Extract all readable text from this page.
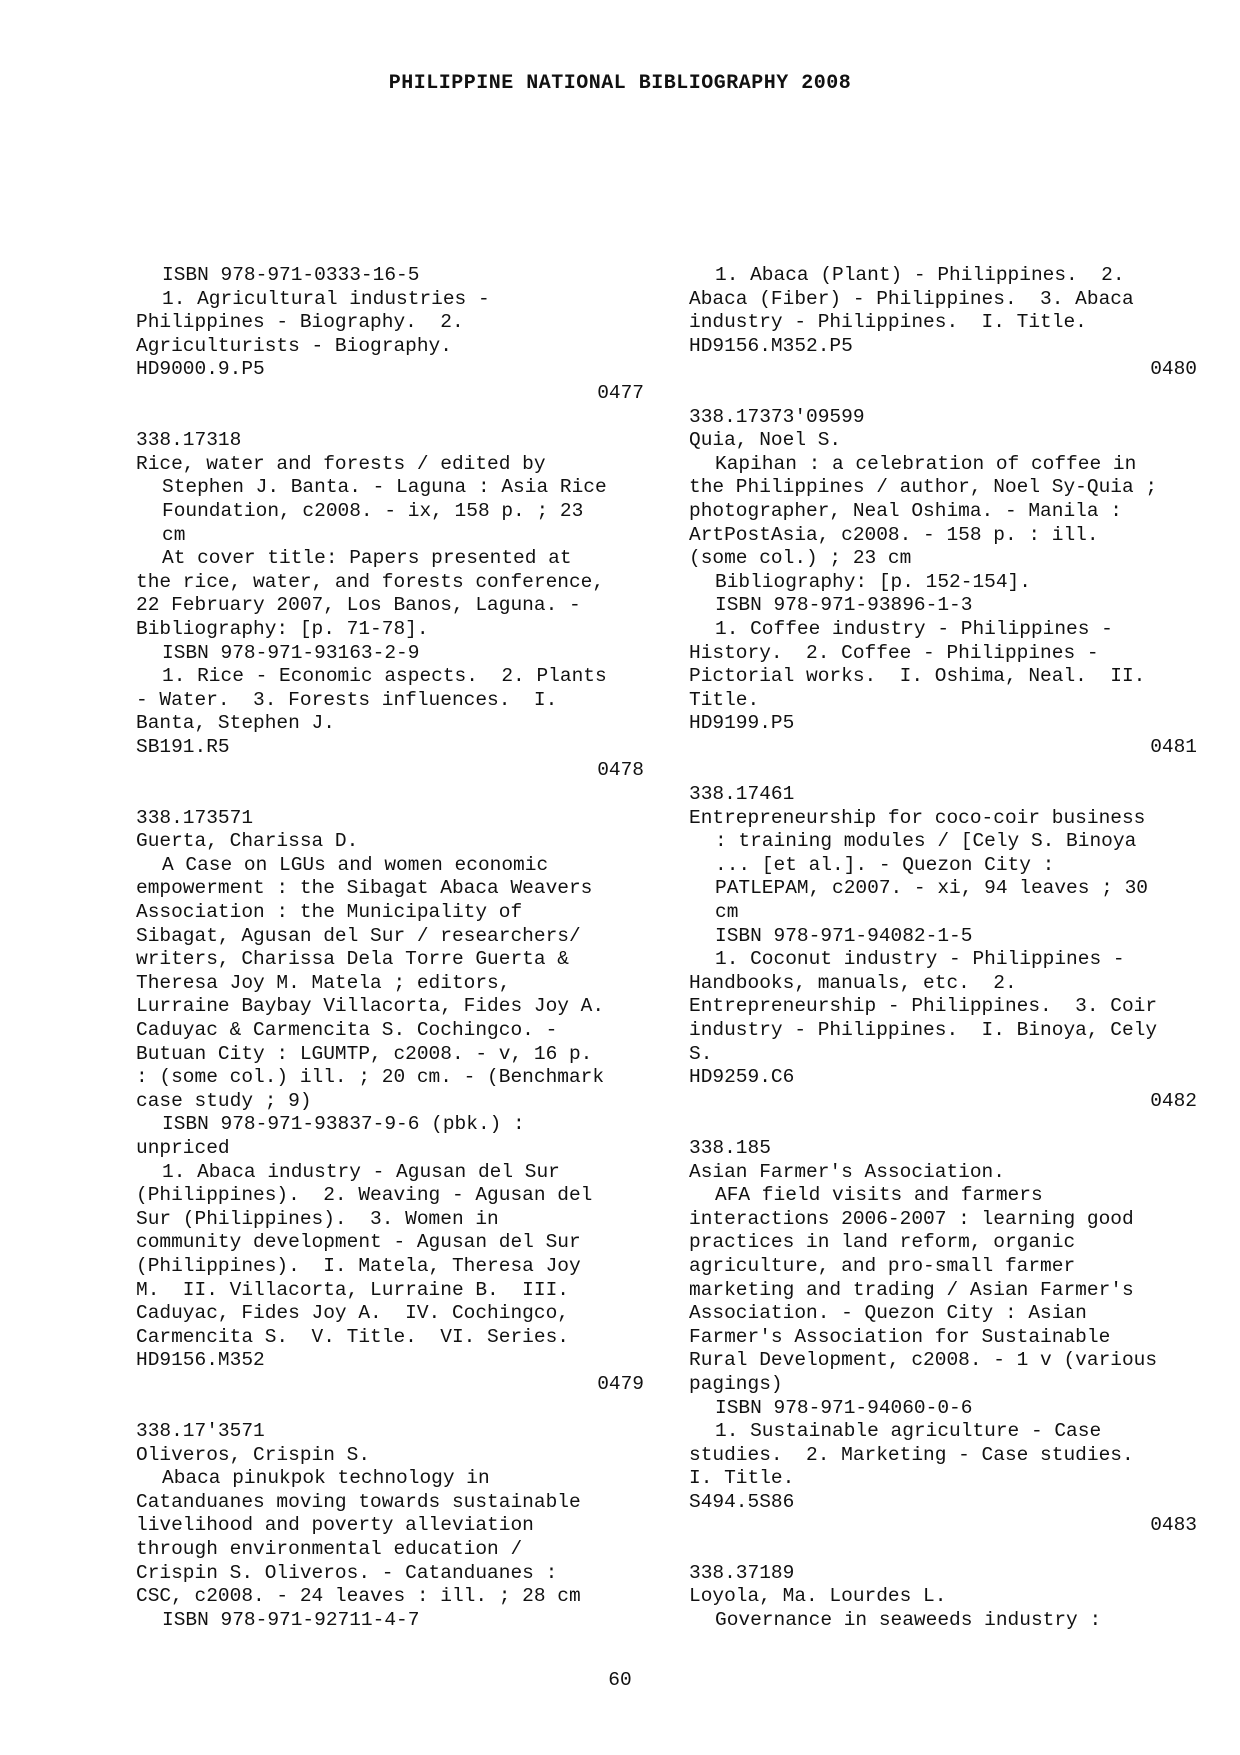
PHILIPPINE NATIONAL BIBLIOGRAPHY 2008
ISBN 978-971-0333-16-5
1. Agricultural industries -
Philippines - Biography.  2.
Agriculturists - Biography.
HD9000.9.P5
0477
338.17318
Rice, water and forests / edited by
Stephen J. Banta. - Laguna : Asia Rice
Foundation, c2008. - ix, 158 p. ; 23
cm
At cover title: Papers presented at
the rice, water, and forests conference,
22 February 2007, Los Banos, Laguna. -
Bibliography: [p. 71-78].
ISBN 978-971-93163-2-9
1. Rice - Economic aspects.  2. Plants
- Water.  3. Forests influences.  I.
Banta, Stephen J.
SB191.R5
0478
338.173571
Guerta, Charissa D.
A Case on LGUs and women economic
empowerment : the Sibagat Abaca Weavers
Association : the Municipality of
Sibagat, Agusan del Sur / researchers/
writers, Charissa Dela Torre Guerta &
Theresa Joy M. Matela ; editors,
Lurraine Baybay Villacorta, Fides Joy A.
Caduyac & Carmencita S. Cochingco. -
Butuan City : LGUMTP, c2008. - v, 16 p.
: (some col.) ill. ; 20 cm. - (Benchmark
case study ; 9)
ISBN 978-971-93837-9-6 (pbk.) :
unpriced
1. Abaca industry - Agusan del Sur
(Philippines).  2. Weaving - Agusan del
Sur (Philippines).  3. Women in
community development - Agusan del Sur
(Philippines).  I. Matela, Theresa Joy
M.  II. Villacorta, Lurraine B.  III.
Caduyac, Fides Joy A.  IV. Cochingco,
Carmencita S.  V. Title.  VI. Series.
HD9156.M352
0479
338.17'3571
Oliveros, Crispin S.
Abaca pinukpok technology in
Catanduanes moving towards sustainable
livelihood and poverty alleviation
through environmental education /
Crispin S. Oliveros. - Catanduanes :
CSC, c2008. - 24 leaves : ill. ; 28 cm
ISBN 978-971-92711-4-7
1. Abaca (Plant) - Philippines.  2.
Abaca (Fiber) - Philippines.  3. Abaca
industry - Philippines.  I. Title.
HD9156.M352.P5
0480
338.17373'09599
Quia, Noel S.
Kapihan : a celebration of coffee in
the Philippines / author, Noel Sy-Quia ;
photographer, Neal Oshima. - Manila :
ArtPostAsia, c2008. - 158 p. : ill.
(some col.) ; 23 cm
Bibliography: [p. 152-154].
ISBN 978-971-93896-1-3
1. Coffee industry - Philippines -
History.  2. Coffee - Philippines -
Pictorial works.  I. Oshima, Neal.  II.
Title.
HD9199.P5
0481
338.17461
Entrepreneurship for coco-coir business
: training modules / [Cely S. Binoya
... [et al.]. - Quezon City :
PATLEPAM, c2007. - xi, 94 leaves ; 30
cm
ISBN 978-971-94082-1-5
1. Coconut industry - Philippines -
Handbooks, manuals, etc.  2.
Entrepreneurship - Philippines.  3. Coir
industry - Philippines.  I. Binoya, Cely
S.
HD9259.C6
0482
338.185
Asian Farmer's Association.
AFA field visits and farmers
interactions 2006-2007 : learning good
practices in land reform, organic
agriculture, and pro-small farmer
marketing and trading / Asian Farmer's
Association. - Quezon City : Asian
Farmer's Association for Sustainable
Rural Development, c2008. - 1 v (various
pagings)
ISBN 978-971-94060-0-6
1. Sustainable agriculture - Case
studies.  2. Marketing - Case studies.
I. Title.
S494.5S86
0483
338.37189
Loyola, Ma. Lourdes L.
Governance in seaweeds industry :
60
